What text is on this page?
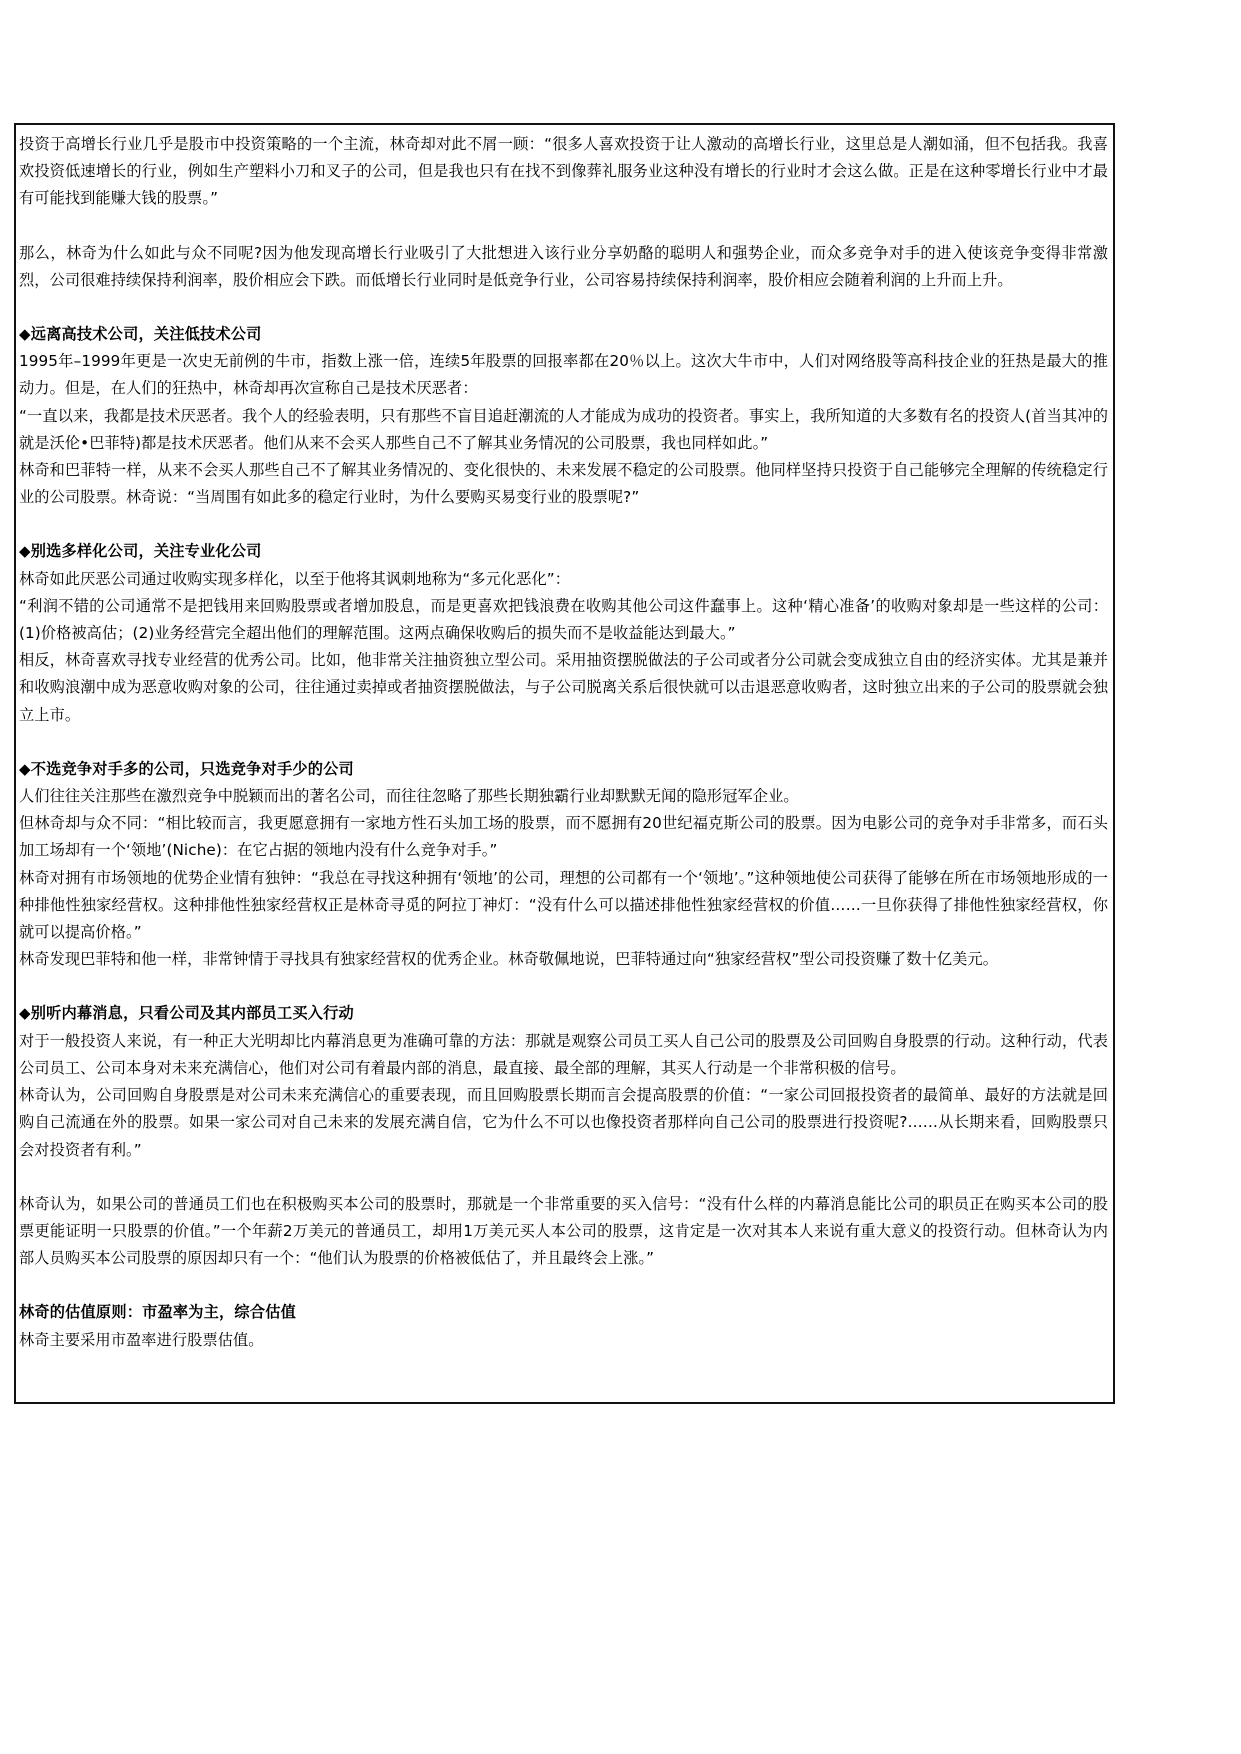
投资于高增长行业几乎是股市中投资策略的一个主流，林奇却对此不屑一顾：“很多人喜欢投资于让人激动的高增长行业，这里总是人潮如涌，但不包括我。我喜欢投资低速增长的行业，例如生产塑料小刀和叉子的公司，但是我也只有在找不到像葬礼服务业这种没有增长的行业时才会这么做。正是在这种零增长行业中才最有可能找到能赚大钱的股票。”

那么，林奇为什么如此与众不同呢?因为他发现高增长行业吸引了大批想进入该行业分享奶酪的聪明人和强势企业，而众多竞争对手的进入使该竞争变得非常激烈，公司很难持续保持利润率，股价相应会下跌。而低增长行业同时是低竞争行业，公司容易持续保持利润率，股价相应会随着利润的上升而上升。

◆远离高技术公司，关注低技术公司

1995年–1999年更是一次史无前例的牛市，指数上涨一倍，连续5年股票的回报率都在20％以上。这次大牛市中，人们对网络股等高科技企业的狂热是最大的推动力。但是，在人们的狂热中，林奇却再次宣称自己是技术厌恶者：

“一直以来，我都是技术厌恶者。我个人的经验表明，只有那些不盲目追赶潮流的人才能成为成功的投资者。事实上，我所知道的大多数有名的投资人(首当其冲的就是沃伦•巴菲特)都是技术厌恶者。他们从来不会买人那些自己不了解其业务情况的公司股票，我也同样如此。”

林奇和巴菲特一样，从来不会买人那些自己不了解其业务情况的、变化很快的、未来发展不稳定的公司股票。他同样坚持只投资于自己能够完全理解的传统稳定行业的公司股票。林奇说：“当周围有如此多的稳定行业时，为什么要购买易变行业的股票呢?”

◆别选多样化公司，关注专业化公司

林奇如此厌恶公司通过收购实现多样化，以至于他将其讽刺地称为“多元化恶化”：

“利润不错的公司通常不是把钱用来回购股票或者增加股息，而是更喜欢把钱浪费在收购其他公司这件蠢事上。这种‘精心准备’的收购对象却是一些这样的公司：(1)价格被高估；(2)业务经营完全超出他们的理解范围。这两点确保收购后的损失而不是收益能达到最大。”

相反，林奇喜欢寻找专业经营的优秀公司。比如，他非常关注抽资独立型公司。采用抽资摆脱做法的子公司或者分公司就会变成独立自由的经济实体。尤其是兼并和收购浪潮中成为恶意收购对象的公司，往往通过卖掉或者抽资摆脱做法，与子公司脱离关系后很快就可以击退恶意收购者，这时独立出来的子公司的股票就会独立上市。

◆不选竞争对手多的公司，只选竞争对手少的公司

人们往往关注那些在激烈竞争中脱颖而出的著名公司，而往往忽略了那些长期独霸行业却默默无闻的隐形冠军企业。

但林奇却与众不同：“相比较而言，我更愿意拥有一家地方性石头加工场的股票，而不愿拥有20世纪福克斯公司的股票。因为电影公司的竞争对手非常多，而石头加工场却有一个‘领地’(Niche)：在它占据的领地内没有什么竞争对手。”

林奇对拥有市场领地的优势企业情有独钟：“我总在寻找这种拥有‘领地’的公司，理想的公司都有一个‘领地’。”这种领地使公司获得了能够在所在市场领地形成的一种排他性独家经营权。这种排他性独家经营权正是林奇寻觅的阿拉丁神灯：“没有什么可以描述排他性独家经营权的价值……一旦你获得了排他性独家经营权，你就可以提高价格。”

林奇发现巴菲特和他一样，非常钟情于寻找具有独家经营权的优秀企业。林奇敬佩地说，巴菲特通过向“独家经营权”型公司投资赚了数十亿美元。

◆别听内幕消息，只看公司及其内部员工买入行动

对于一般投资人来说，有一种正大光明却比内幕消息更为准确可靠的方法：那就是观察公司员工买人自己公司的股票及公司回购自身股票的行动。这种行动，代表公司员工、公司本身对未来充满信心，他们对公司有着最内部的消息，最直接、最全部的理解，其买人行动是一个非常积极的信号。

林奇认为，公司回购自身股票是对公司未来充满信心的重要表现，而且回购股票长期而言会提高股票的价值：“一家公司回报投资者的最简单、最好的方法就是回购自己流通在外的股票。如果一家公司对自己未来的发展充满自信，它为什么不可以也像投资者那样向自己公司的股票进行投资呢?……从长期来看，回购股票只会对投资者有利。”

林奇认为，如果公司的普通员工们也在积极购买本公司的股票时，那就是一个非常重要的买入信号：“没有什么样的内幕消息能比公司的职员正在购买本公司的股票更能证明一只股票的价值。”一个年薪2万美元的普通员工，却用1万美元买人本公司的股票，这肯定是一次对其本人来说有重大意义的投资行动。但林奇认为内部人员购买本公司股票的原因却只有一个：“他们认为股票的价格被低估了，并且最终会上涨。”

林奇的估值原则：市盈率为主，综合估值

林奇主要采用市盈率进行股票估值。
